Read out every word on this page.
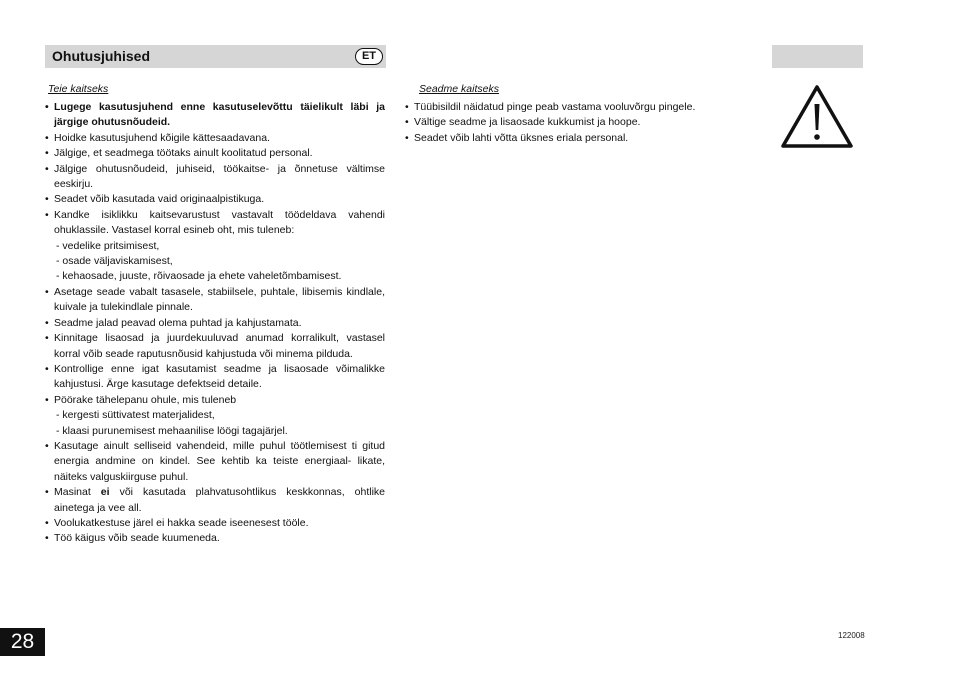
Ohutusjuhised	ET
Teie kaitseks
• Lugege kasutusjuhend enne kasutuselevõttu täielikult läbi ja järgige ohutusnõudeid.
• Hoidke kasutusjuhend kõigile kättesaadavana.
• Jälgige, et seadmega töötaks ainult koolitatud personal.
• Jälgige ohutusnõudeid, juhiseid, töökaitse- ja õnnetuse vältimse eeskirju.
• Seadet võib kasutada vaid originaalpistikuga.
• Kandke isiklikku kaitsevarustust vastavalt töödeldava vahendi ohuklassile. Vastasel korral esineb oht, mis tuleneb:
- vedelike pritsimisest,
- osade väljaviskamisest,
- kehaosade, juuste, rõivaosade ja ehete vaheletõmbamisest.
• Asetage seade vabalt tasasele, stabiilsele, puhtale, libisemis kindlale, kuivale ja tulekindlale pinnale.
• Seadme jalad peavad olema puhtad ja kahjustamata.
• Kinnitage lisaosad ja juurdekuuluvad anumad korralikult, vastasel korral võib seade raputusnõusid kahjustuda või minema pilduda.
• Kontrollige enne igat kasutamist seadme ja lisaosade võimalikke kahjustusi. Ärge kasutage defektseid detaile.
• Pöörake tähelepanu ohule, mis tuleneb
- kergesti süttivatest materjalidest,
- klaasi purunemisest mehaanilise löögi tagajärjel.
• Kasutage ainult selliseid vahendeid, mille puhul töötlemisest ti gitud energia andmine on kindel. See kehtib ka teiste energiaal- likate, näiteks valguskiirguse puhul.
• Masinat ei või kasutada plahvatusohtlikus keskkonnas, ohtlike ainetega ja vee all.
• Voolukatkestuse järel ei hakka seade iseenesest tööle.
• Töö käigus võib seade kuumeneda.
Seadme kaitseks
• Tüübisildil näidatud pinge peab vastama vooluvõrgu pingele.
• Vältige seadme ja lisaosade kukkumist ja hoope.
• Seadet võib lahti võtta üksnes eriala personal.
28	122008
